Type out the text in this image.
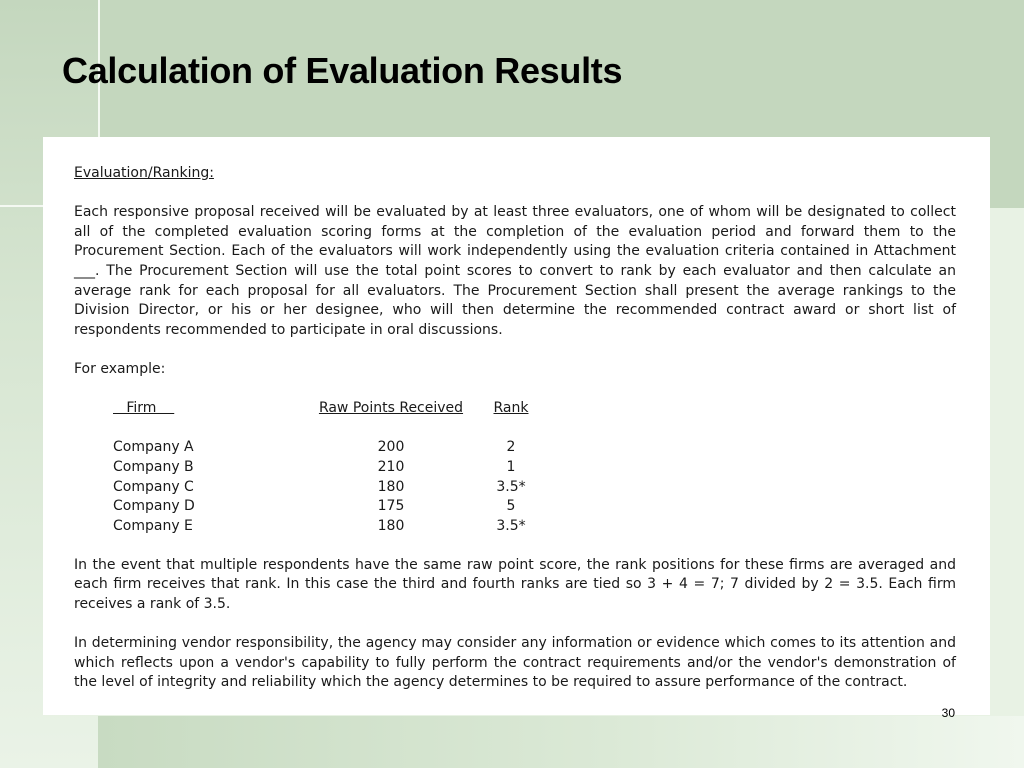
Calculation of Evaluation Results

Evaluation/Ranking:

Each responsive proposal received will be evaluated by at least three evaluators, one of whom will be designated to collect all of the completed evaluation scoring forms at the completion of the evaluation period and forward them to the Procurement Section. Each of the evaluators will work independently using the evaluation criteria contained in Attachment ___. The Procurement Section will use the total point scores to convert to rank by each evaluator and then calculate an average rank for each proposal for all evaluators. The Procurement Section shall present the average rankings to the Division Director, or his or her designee, who will then determine the recommended contract award or short list of respondents recommended to participate in oral discussions.

For example:

Firm	Raw Points Received	Rank

Company A	200	2
Company B	210	1
Company C	180	3.5*
Company D	175	5
Company E	180	3.5*

In the event that multiple respondents have the same raw point score, the rank positions for these firms are averaged and each firm receives that rank. In this case the third and fourth ranks are tied so 3 + 4 = 7; 7 divided by 2 = 3.5. Each firm receives a rank of 3.5.

In determining vendor responsibility, the agency may consider any information or evidence which comes to its attention and which reflects upon a vendor's capability to fully perform the contract requirements and/or the vendor's demonstration of the level of integrity and reliability which the agency determines to be required to assure performance of the contract.

30
